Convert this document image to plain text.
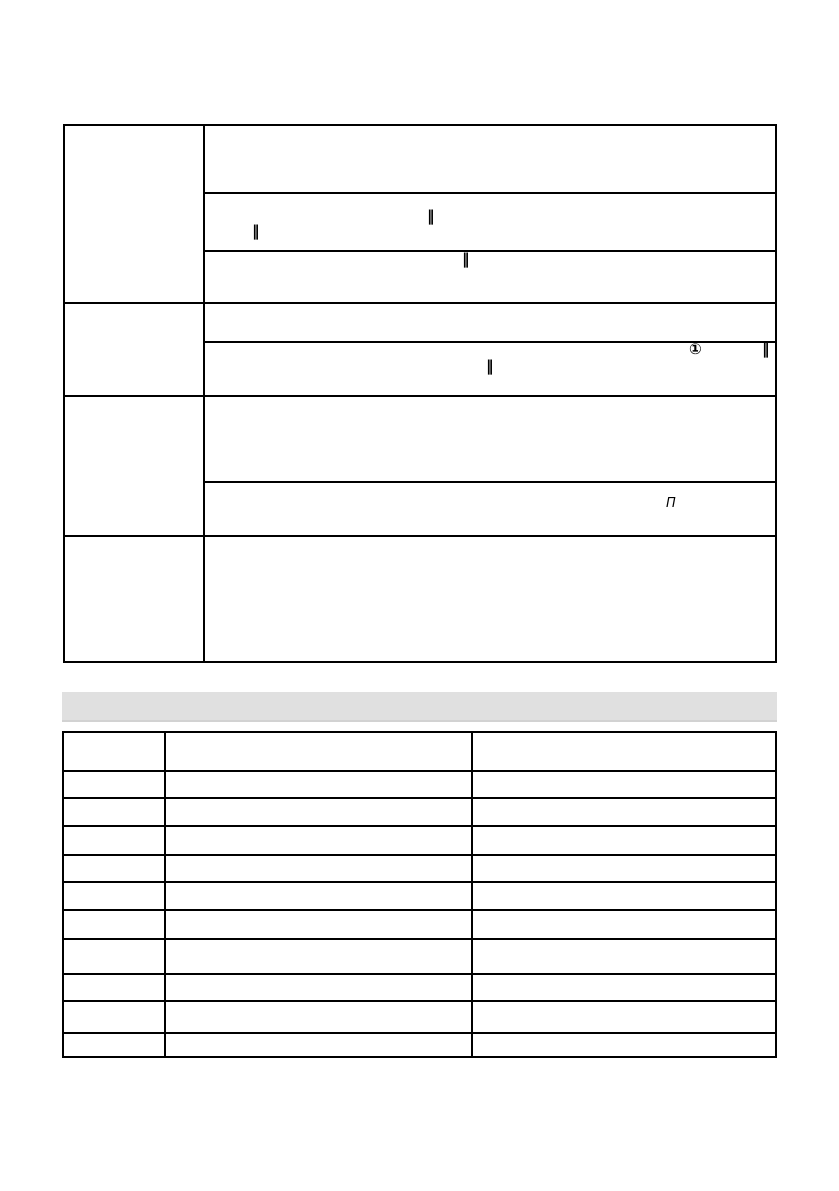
‖
‖
‖
①	‖
‖
Π
